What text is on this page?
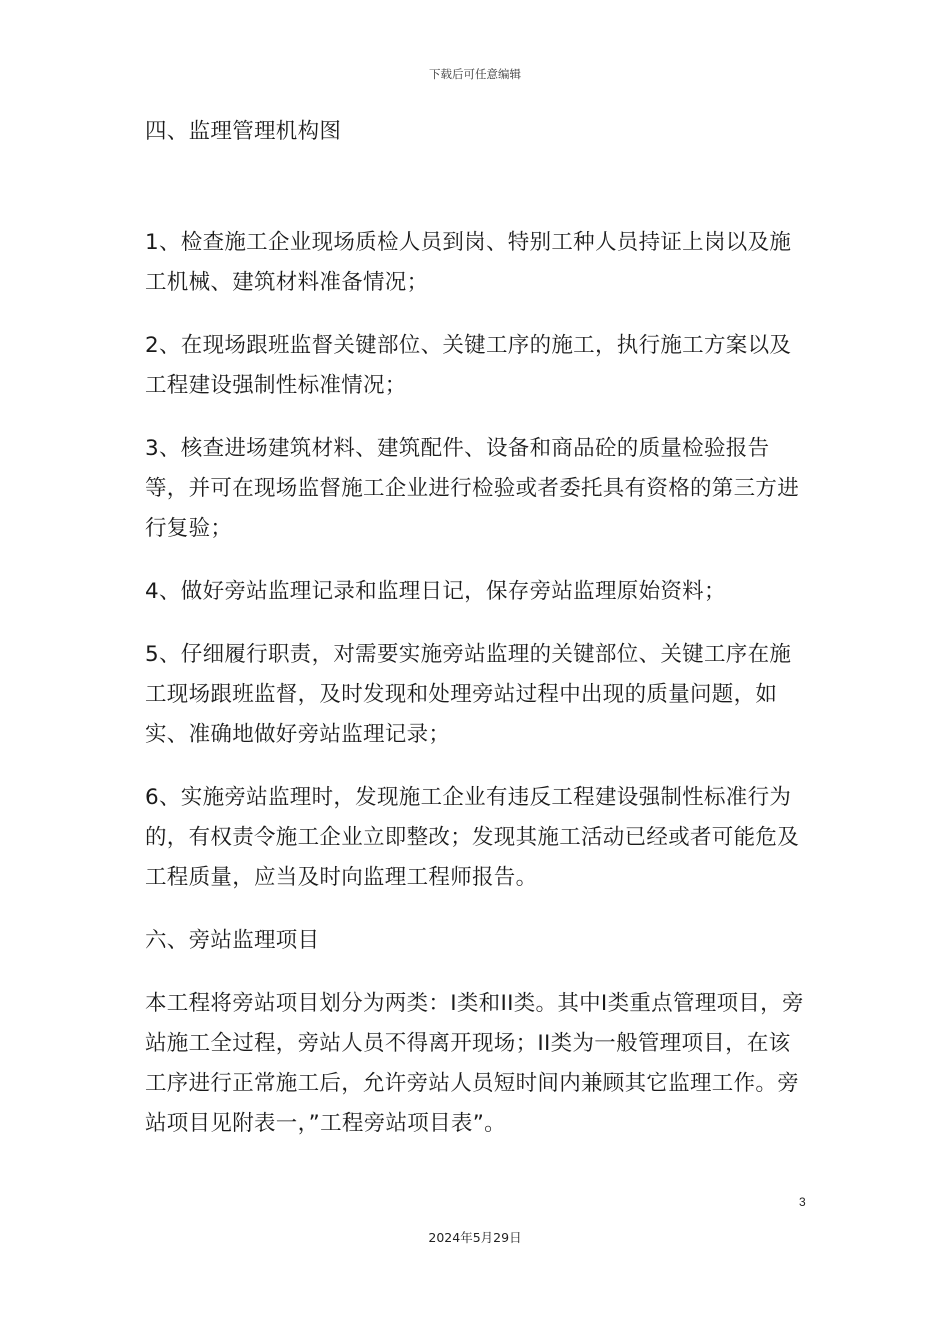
下载后可任意编辑

四、监理管理机构图

1、检查施工企业现场质检人员到岗、特别工种人员持证上岗以及施工机械、建筑材料准备情况；

2、在现场跟班监督关键部位、关键工序的施工，执行施工方案以及工程建设强制性标准情况；

3、核查进场建筑材料、建筑配件、设备和商品砼的质量检验报告等，并可在现场监督施工企业进行检验或者委托具有资格的第三方进行复验；

4、做好旁站监理记录和监理日记，保存旁站监理原始资料；

5、仔细履行职责，对需要实施旁站监理的关键部位、关键工序在施工现场跟班监督，及时发现和处理旁站过程中出现的质量问题，如实、准确地做好旁站监理记录；

6、实施旁站监理时，发现施工企业有违反工程建设强制性标准行为的，有权责令施工企业立即整改；发现其施工活动已经或者可能危及工程质量，应当及时向监理工程师报告。

六、旁站监理项目

本工程将旁站项目划分为两类：I类和II类。其中I类重点管理项目，旁站施工全过程，旁站人员不得离开现场；II类为一般管理项目，在该工序进行正常施工后，允许旁站人员短时间内兼顾其它监理工作。旁站项目见附表一，”工程旁站项目表”。

3
2024年5月29日
